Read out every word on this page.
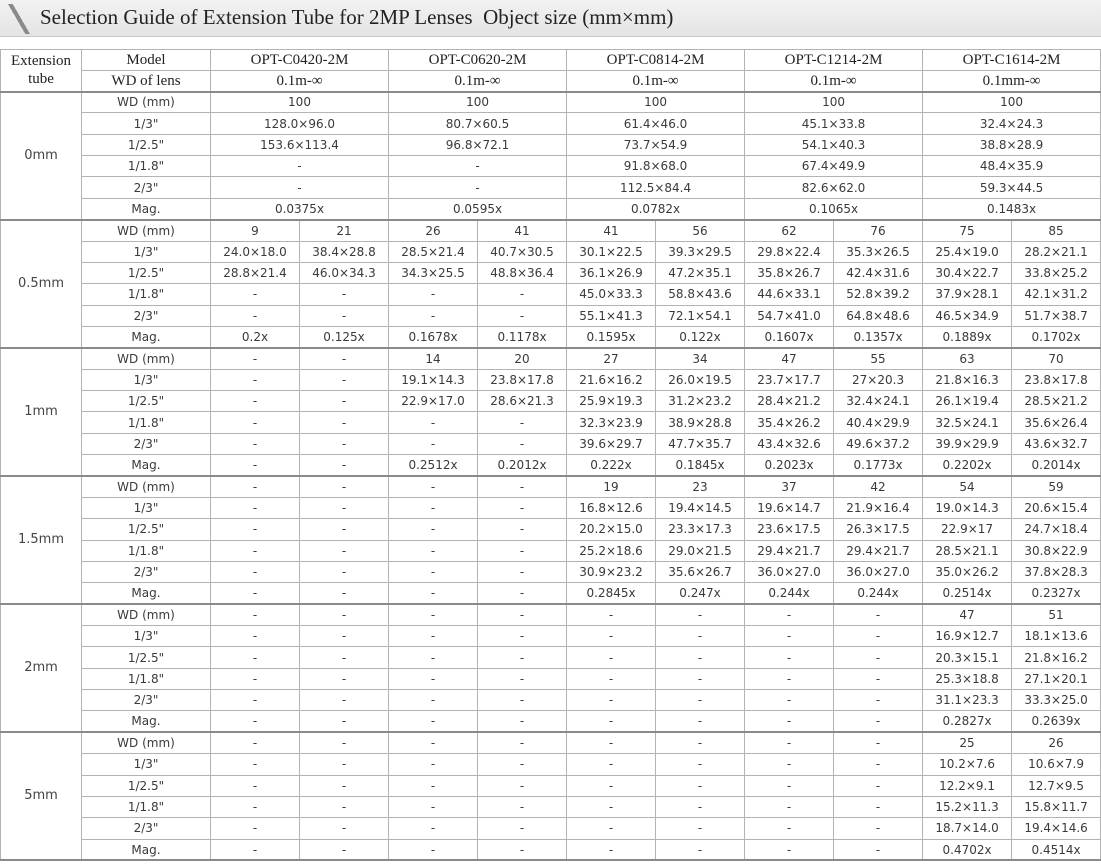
Selection Guide of Extension Tube for 2MP Lenses  Object size (mm×mm)
Extension tube	Model	OPT-C0420-2M		OPT-C0620-2M		OPT-C0814-2M		OPT-C1214-2M		OPT-C1614-2M	
	WD of lens	0.1m-∞		0.1m-∞		0.1m-∞		0.1m-∞		0.1mm-∞	
0mm	WD (mm)	100		100		100		100		100	
	1/3"	128.0×96.0		80.7×60.5		61.4×46.0		45.1×33.8		32.4×24.3	
	1/2.5"	153.6×113.4		96.8×72.1		73.7×54.9		54.1×40.3		38.8×28.9	
	1/1.8"	-		-		91.8×68.0		67.4×49.9		48.4×35.9	
	2/3"	-		-		112.5×84.4		82.6×62.0		59.3×44.5	
	Mag.	0.0375x		0.0595x		0.0782x		0.1065x		0.1483x	
0.5mm	WD (mm)	9	21	26	41	41	56	62	76	75	85
	1/3"	24.0×18.0	38.4×28.8	28.5×21.4	40.7×30.5	30.1×22.5	39.3×29.5	29.8×22.4	35.3×26.5	25.4×19.0	28.2×21.1
	1/2.5"	28.8×21.4	46.0×34.3	34.3×25.5	48.8×36.4	36.1×26.9	47.2×35.1	35.8×26.7	42.4×31.6	30.4×22.7	33.8×25.2
	1/1.8"	-	-	-	-	45.0×33.3	58.8×43.6	44.6×33.1	52.8×39.2	37.9×28.1	42.1×31.2
	2/3"	-	-	-	-	55.1×41.3	72.1×54.1	54.7×41.0	64.8×48.6	46.5×34.9	51.7×38.7
	Mag.	0.2x	0.125x	0.1678x	0.1178x	0.1595x	0.122x	0.1607x	0.1357x	0.1889x	0.1702x
1mm	WD (mm)	-	-	14	20	27	34	47	55	63	70
	1/3"	-	-	19.1×14.3	23.8×17.8	21.6×16.2	26.0×19.5	23.7×17.7	27×20.3	21.8×16.3	23.8×17.8
	1/2.5"	-	-	22.9×17.0	28.6×21.3	25.9×19.3	31.2×23.2	28.4×21.2	32.4×24.1	26.1×19.4	28.5×21.2
	1/1.8"	-	-	-	-	32.3×23.9	38.9×28.8	35.4×26.2	40.4×29.9	32.5×24.1	35.6×26.4
	2/3"	-	-	-	-	39.6×29.7	47.7×35.7	43.4×32.6	49.6×37.2	39.9×29.9	43.6×32.7
	Mag.	-	-	0.2512x	0.2012x	0.222x	0.1845x	0.2023x	0.1773x	0.2202x	0.2014x
1.5mm	WD (mm)	-	-	-	-	19	23	37	42	54	59
	1/3"	-	-	-	-	16.8×12.6	19.4×14.5	19.6×14.7	21.9×16.4	19.0×14.3	20.6×15.4
	1/2.5"	-	-	-	-	20.2×15.0	23.3×17.3	23.6×17.5	26.3×17.5	22.9×17	24.7×18.4
	1/1.8"	-	-	-	-	25.2×18.6	29.0×21.5	29.4×21.7	29.4×21.7	28.5×21.1	30.8×22.9
	2/3"	-	-	-	-	30.9×23.2	35.6×26.7	36.0×27.0	36.0×27.0	35.0×26.2	37.8×28.3
	Mag.	-	-	-	-	0.2845x	0.247x	0.244x	0.244x	0.2514x	0.2327x
2mm	WD (mm)	-	-	-	-	-	-	-	-	47	51
	1/3"	-	-	-	-	-	-	-	-	16.9×12.7	18.1×13.6
	1/2.5"	-	-	-	-	-	-	-	-	20.3×15.1	21.8×16.2
	1/1.8"	-	-	-	-	-	-	-	-	25.3×18.8	27.1×20.1
	2/3"	-	-	-	-	-	-	-	-	31.1×23.3	33.3×25.0
	Mag.	-	-	-	-	-	-	-	-	0.2827x	0.2639x
5mm	WD (mm)	-	-	-	-	-	-	-	-	25	26
	1/3"	-	-	-	-	-	-	-	-	10.2×7.6	10.6×7.9
	1/2.5"	-	-	-	-	-	-	-	-	12.2×9.1	12.7×9.5
	1/1.8"	-	-	-	-	-	-	-	-	15.2×11.3	15.8×11.7
	2/3"	-	-	-	-	-	-	-	-	18.7×14.0	19.4×14.6
	Mag.	-	-	-	-	-	-	-	-	0.4702x	0.4514x
